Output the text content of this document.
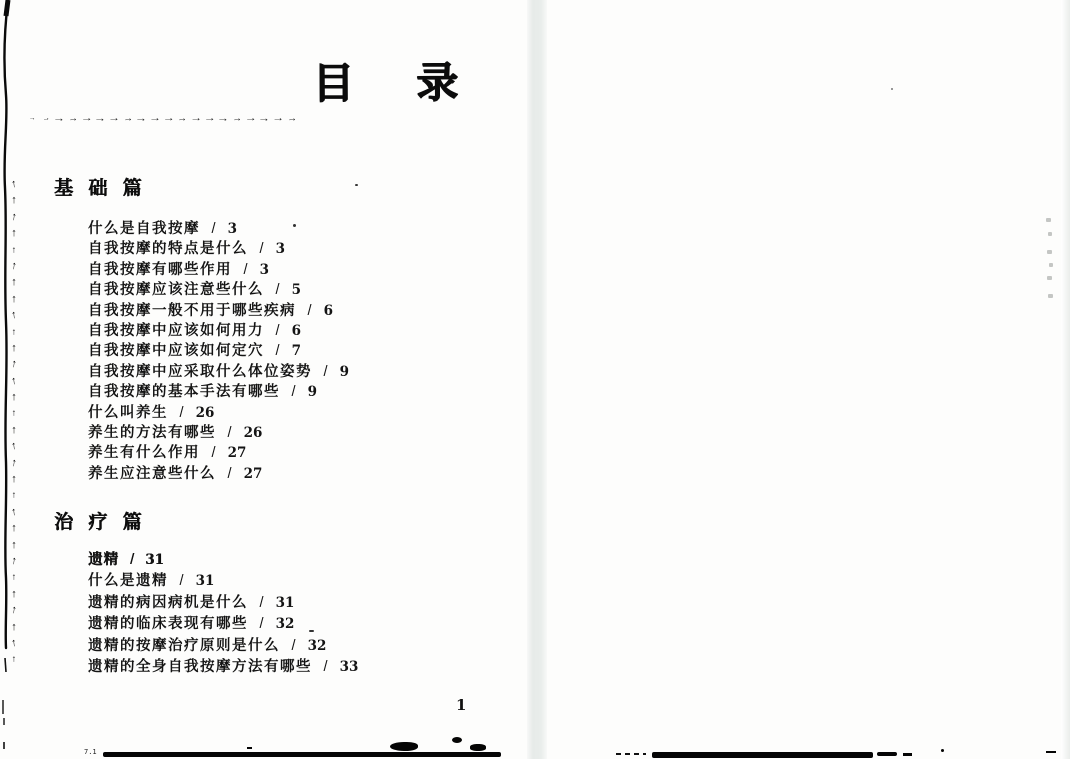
↑
↑
↑
↑
↑
↑
↑
↑
↑
↑
↑
↑
↑
↑
↑
↑
↑
↑
↑
↑
↑
↑
↑
↑
↑
↑
↑
↑
↑
↑
目　录
→ → → → → → → → → → → → → → → → → → → →
基 础 篇
什么是自我按摩 / 3
自我按摩的特点是什么 / 3
自我按摩有哪些作用 / 3
自我按摩应该注意些什么 / 5
自我按摩一般不用于哪些疾病 / 6
自我按摩中应该如何用力 / 6
自我按摩中应该如何定穴 / 7
自我按摩中应采取什么体位姿势 / 9
自我按摩的基本手法有哪些 / 9
什么叫养生 / 26
养生的方法有哪些 / 26
养生有什么作用 / 27
养生应注意些什么 / 27
治 疗 篇
遗精 / 31
什么是遗精 / 31
遗精的病因病机是什么 / 31
遗精的临床表现有哪些 / 32
遗精的按摩治疗原则是什么 / 32
遗精的全身自我按摩方法有哪些 / 33
1
7.1
